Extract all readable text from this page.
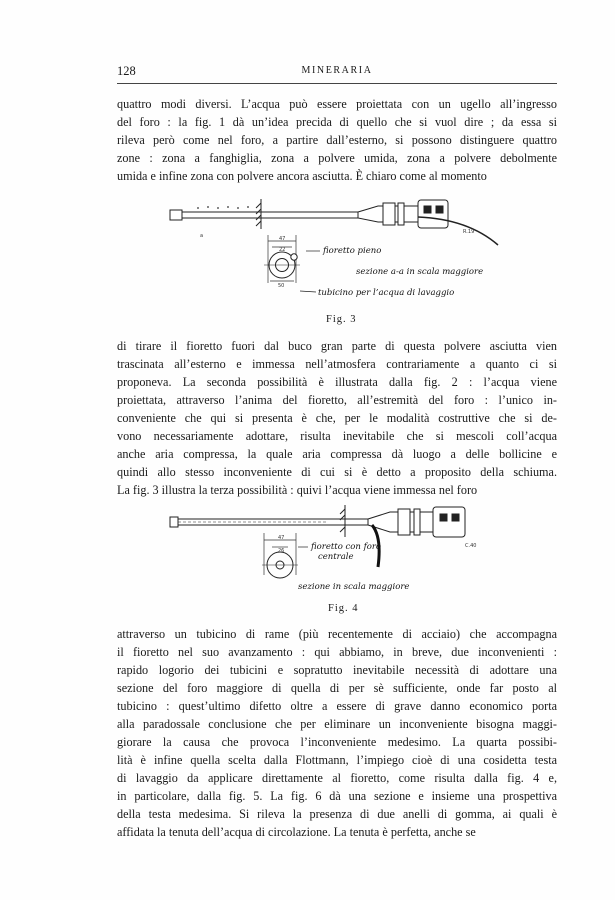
128	MINERARIA
quattro modi diversi. L’acqua può essere proiettata con un ugello all’ingresso
del foro : la fig. 1 dà un’idea precida di quello che si vuol dire ; da essa si
rileva però come nel foro, a partire dall’esterno, si possono distinguere quattro
zone : zona a fanghiglia, zona a polvere umida, zona a polvere debolmente
umida e infine zona con polvere ancora asciutta. È chiaro come al momento
R.19
47
22
50
a
fioretto pieno
sezione a-a in scala maggiore
tubicino per l’acqua di lavaggio
Fig. 3
di tirare il fioretto fuori dal buco gran parte di questa polvere asciutta vien
trascinata all’esterno e immessa nell’atmosfera contrariamente a quanto ci si
proponeva. La seconda possibilità è illustrata dalla fig. 2 : l’acqua viene
proiettata, attraverso l’anima del fioretto, all’estremità del foro : l’unico in-
conveniente che qui si presenta è che, per le modalità costruttive che si de-
vono necessariamente adottare, risulta inevitabile che si mescoli coll’acqua
anche aria compressa, la quale aria compressa dà luogo a delle bollicine e
quindi allo stesso inconveniente di cui si è detto a proposito della schiuma.
La fig. 3 illustra la terza possibilità : quivi l’acqua viene immessa nel foro
C.40
47
26	fioretto con foro
centrale
sezione in scala maggiore
Fig. 4
attraverso un tubicino di rame (più recentemente di acciaio) che accompagna
il fioretto nel suo avanzamento : qui abbiamo, in breve, due inconvenienti :
rapido logorio dei tubicini e sopratutto inevitabile necessità di adottare una
sezione del foro maggiore di quella di per sè sufficiente, onde far posto al
tubicino : quest’ultimo difetto oltre a essere di grave danno economico porta
alla paradossale conclusione che per eliminare un inconveniente bisogna maggi-
giorare la causa che provoca l’inconveniente medesimo. La quarta possibi-
lità è infine quella scelta dalla Flottmann, l’impiego cioè di una cosidetta testa
di lavaggio da applicare direttamente al fioretto, come risulta dalla fig. 4 e,
in particolare, dalla fig. 5. La fig. 6 dà una sezione e insieme una prospettiva
della testa medesima. Si rileva la presenza di due anelli di gomma, ai quali è
affidata la tenuta dell’acqua di circolazione. La tenuta è perfetta, anche se
